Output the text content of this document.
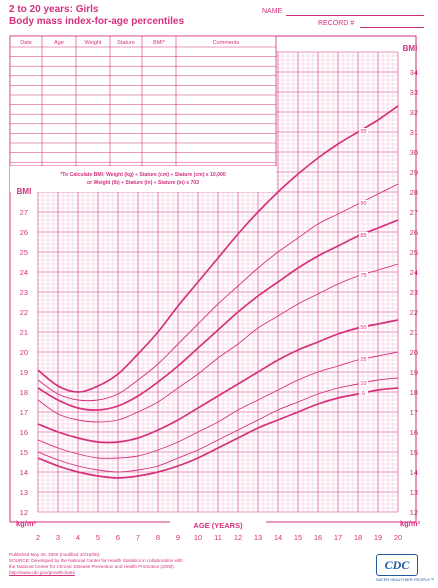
2 to 20 years: Girls
Body mass index-for-age percentiles
NAME
RECORD #
Date	Age	Weight	Stature	BMI*	Comments
*To Calculate BMI: Weight (kg) ÷ Stature (cm) ÷ Stature (cm) x 10,000
or Weight (lb) ÷ Stature (in) ÷ Stature (in) x 703
BMI
12
13
14
15
16
17
18
19
20
21
22
23
24
25
26
27
kg/m²
BMI
12
13
14
15
16
17
18
19
20
21
22
23
24
25
26
27
28
29
30
31
32
33
34
kg/m²
2 3 4 5 6 7 8 9 10 11 12 13 14 15 16 17 18 19 20
AGE (YEARS)
95
90
85
75
50
25
10
5
Published May 30, 2000 (modified 10/16/00).
SOURCE: Developed by the National Center for Health Statistics in collaboration with
the National Center for Chronic Disease Prevention and Health Promotion (2000).
http://www.cdc.gov/growthcharts
CDC
SAFER·HEALTHIER·PEOPLE™
